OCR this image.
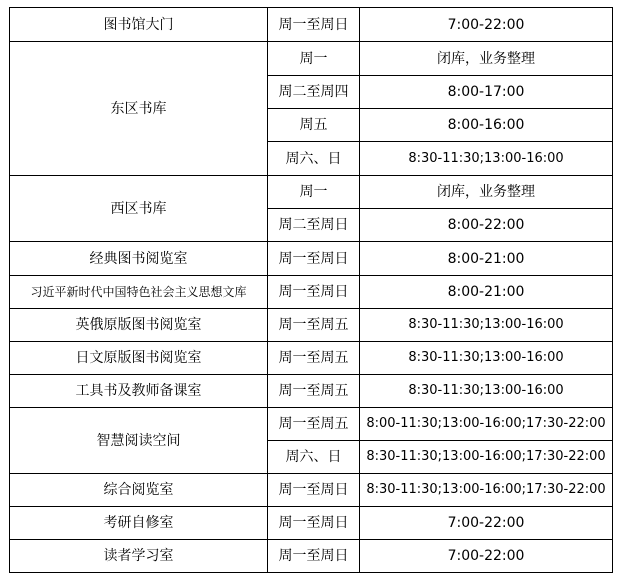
图书馆大门	周一至周日	7:00-22:00
东区书库	周一	闭库，业务整理
	周二至周四	8:00-17:00
	周五	8:00-16:00
	周六、日	8:30-11:30;13:00-16:00
西区书库	周一	闭库，业务整理
	周二至周日	8:00-22:00
经典图书阅览室	周一至周日	8:00-21:00
习近平新时代中国特色社会主义思想文库	周一至周日	8:00-21:00
英俄原版图书阅览室	周一至周五	8:30-11:30;13:00-16:00
日文原版图书阅览室	周一至周五	8:30-11:30;13:00-16:00
工具书及教师备课室	周一至周五	8:30-11:30;13:00-16:00
智慧阅读空间	周一至周五	8:00-11:30;13:00-16:00;17:30-22:00
	周六、日	8:30-11:30;13:00-16:00;17:30-22:00
综合阅览室	周一至周日	8:30-11:30;13:00-16:00;17:30-22:00
考研自修室	周一至周日	7:00-22:00
读者学习室	周一至周日	7:00-22:00
